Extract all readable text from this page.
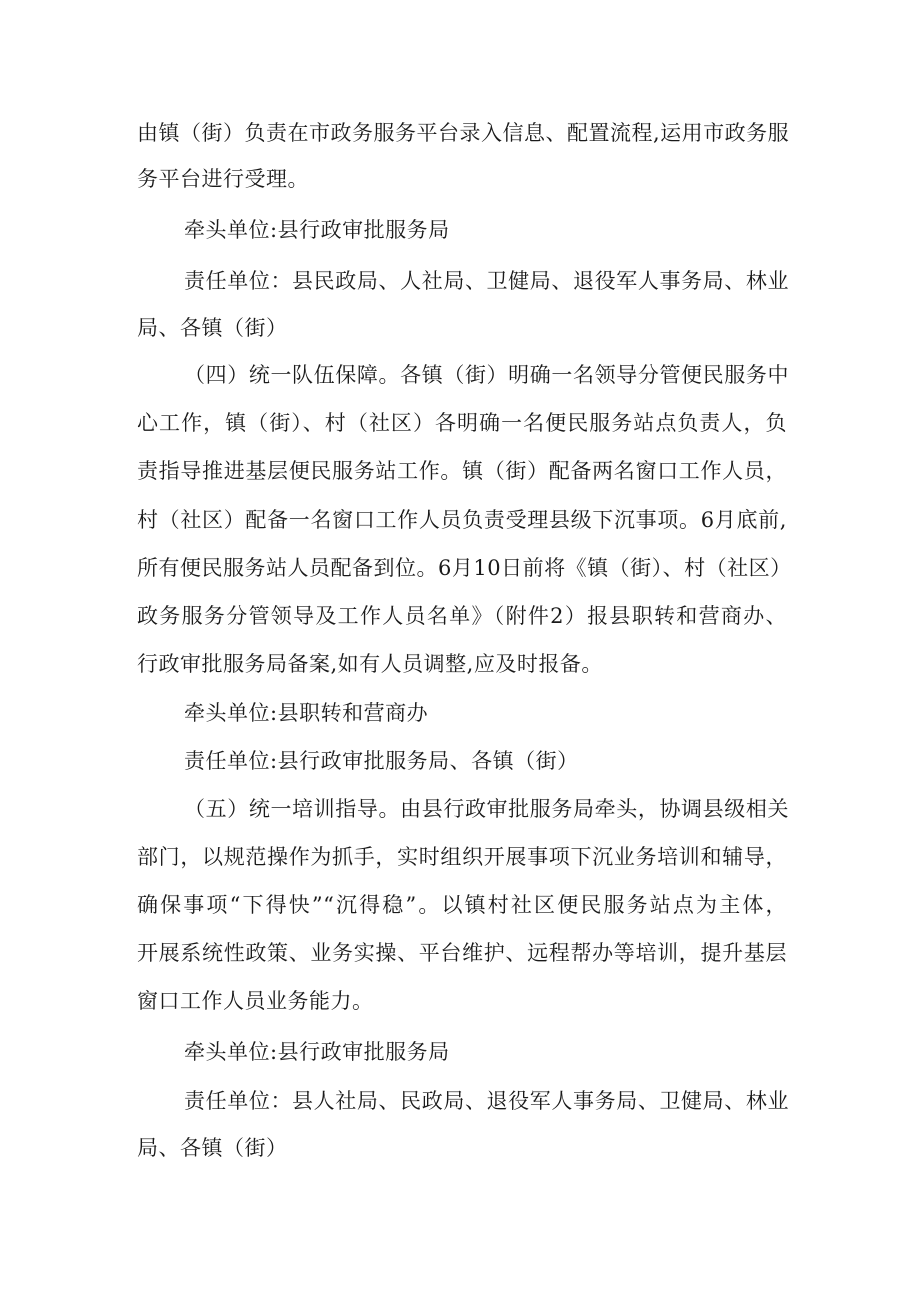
由镇（街）负责在市政务服务平台录入信息、配置流程,运用市政务服
务平台进行受理。
牵头单位:县行政审批服务局
责任单位：县民政局、人社局、卫健局、退役军人事务局、林业
局、各镇（街）
（四）统一队伍保障。各镇（街）明确一名领导分管便民服务中
心工作，镇（街）、村（社区）各明确一名便民服务站点负责人，负
责指导推进基层便民服务站工作。镇（街）配备两名窗口工作人员，
村（社区）配备一名窗口工作人员负责受理县级下沉事项。6月底前,
所有便民服务站人员配备到位。6月10日前将《镇（街）、村（社区）
政务服务分管领导及工作人员名单》（附件2）报县职转和营商办、
行政审批服务局备案,如有人员调整,应及时报备。
牵头单位:县职转和营商办
责任单位:县行政审批服务局、各镇（街）
（五）统一培训指导。由县行政审批服务局牵头，协调县级相关
部门，以规范操作为抓手，实时组织开展事项下沉业务培训和辅导，
确保事项“下得快”“沉得稳”。以镇村社区便民服务站点为主体，
开展系统性政策、业务实操、平台维护、远程帮办等培训，提升基层
窗口工作人员业务能力。
牵头单位:县行政审批服务局
责任单位：县人社局、民政局、退役军人事务局、卫健局、林业
局、各镇（街）
